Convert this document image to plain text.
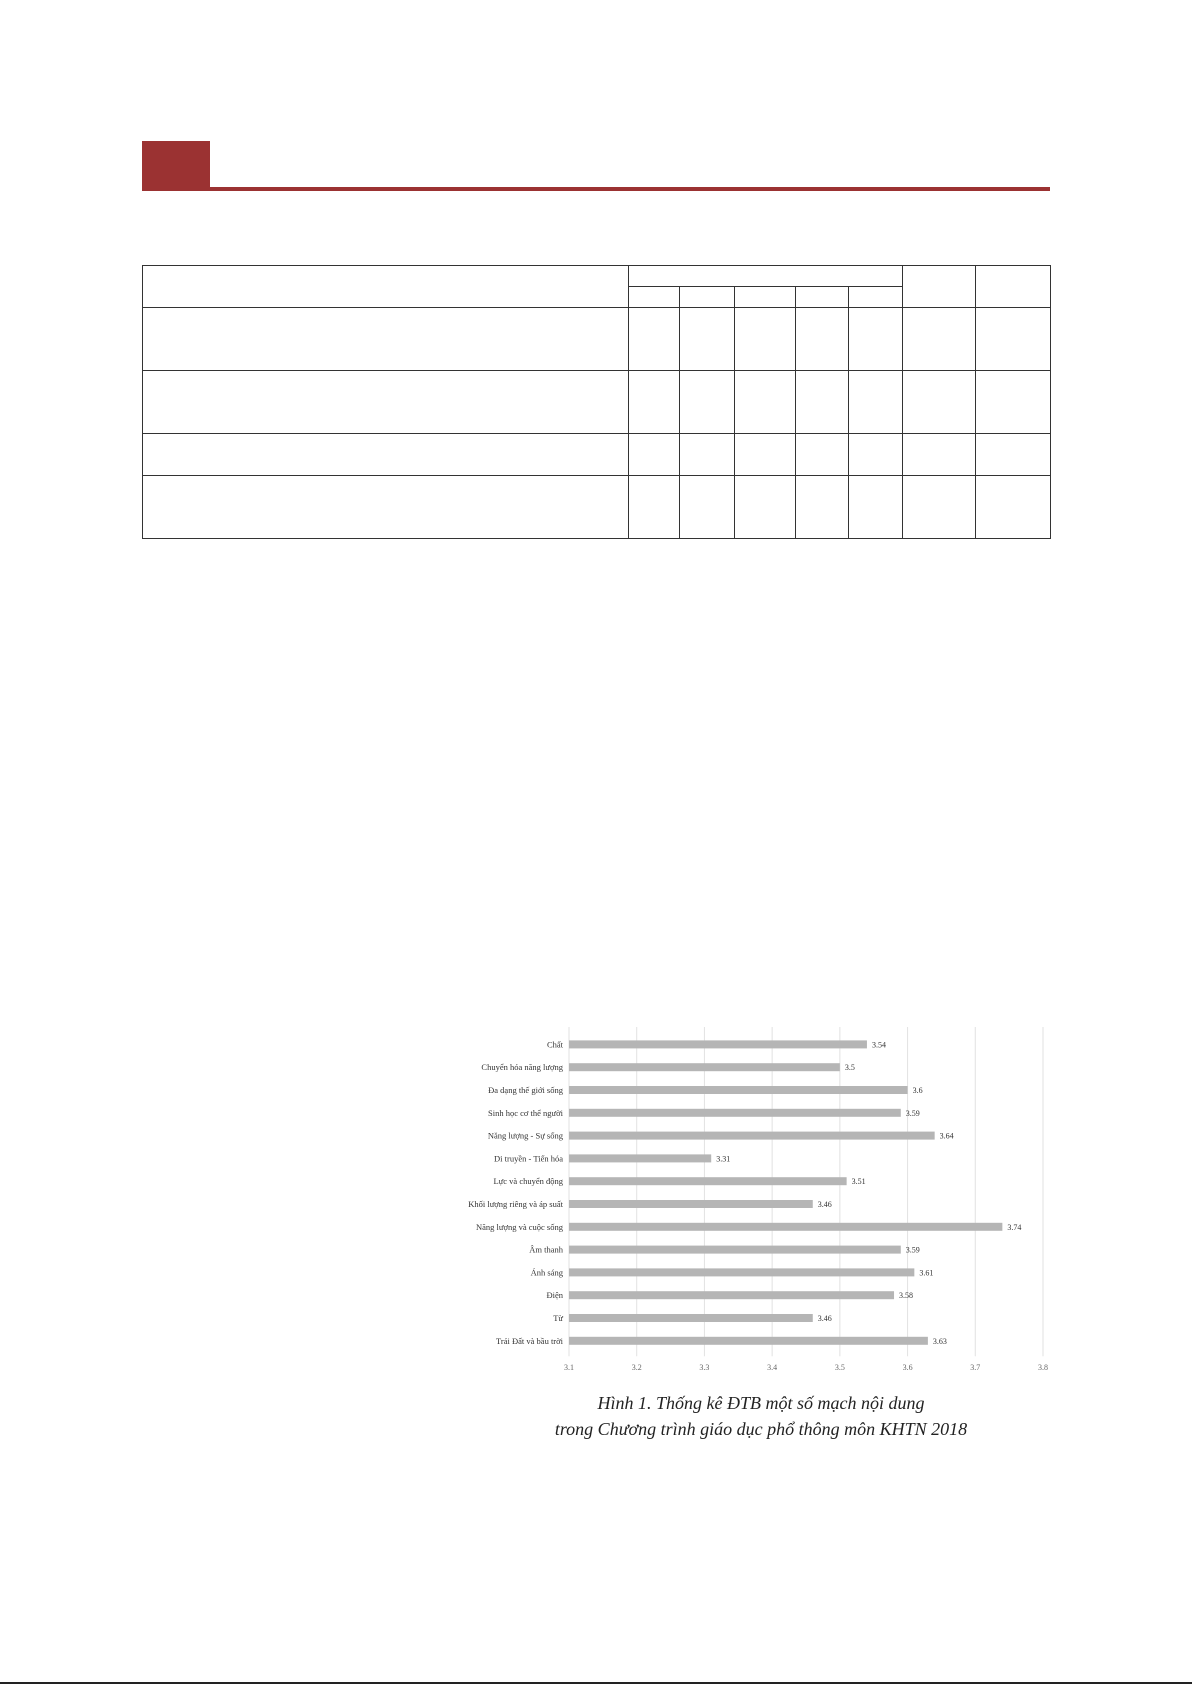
Chất	3.54
Chuyển hóa năng lượng	3.5
Đa dạng thế giới sống	3.6
Sinh học cơ thể người	3.59
Năng lượng - Sự sống	3.64
Di truyền - Tiến hóa	3.31
Lực và chuyển động	3.51
Khối lượng riêng và áp suất	3.46
Năng lượng và cuộc sống	3.74
Âm thanh	3.59
Ánh sáng	3.61
Điện	3.58
Từ	3.46
Trái Đất và bầu trời	3.63
3.1	3.2	3.3	3.4	3.5	3.6	3.7	3.8
Hình 1. Thống kê ĐTB một số mạch nội dung
trong Chương trình giáo dục phổ thông môn KHTN 2018
